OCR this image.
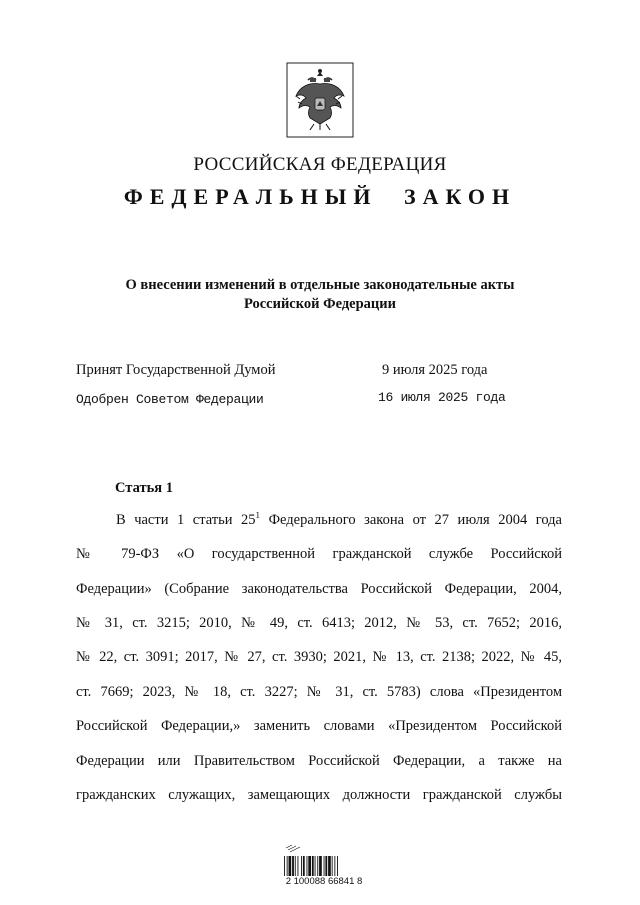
РОССИЙСКАЯ ФЕДЕРАЦИЯ
ФЕДЕРАЛЬНЫЙ ЗАКОН
О внесении изменений в отдельные законодательные акты
Российской Федерации
Принят Государственной Думой	9 июля 2025 года
Одобрен Советом Федерации	16 июля 2025 года
Статья 1
В части 1 статьи $25^1$ Федерального закона от 27 июля 2004 года
№ 79-ФЗ «О государственной гражданской службе Российской
Федерации» (Собрание законодательства Российской Федерации, 2004,
№ 31, ст. 3215; 2010, № 49, ст. 6413; 2012, № 53, ст. 7652; 2016,
№ 22, ст. 3091; 2017, № 27, ст. 3930; 2021, № 13, ст. 2138; 2022, № 45,
ст. 7669; 2023, № 18, ст. 3227; № 31, ст. 5783) слова «Президентом
Российской Федерации,» заменить словами «Президентом Российской
Федерации или Правительством Российской Федерации, а также на
гражданских служащих, замещающих должности гражданской службы
2 100088 66841 8
